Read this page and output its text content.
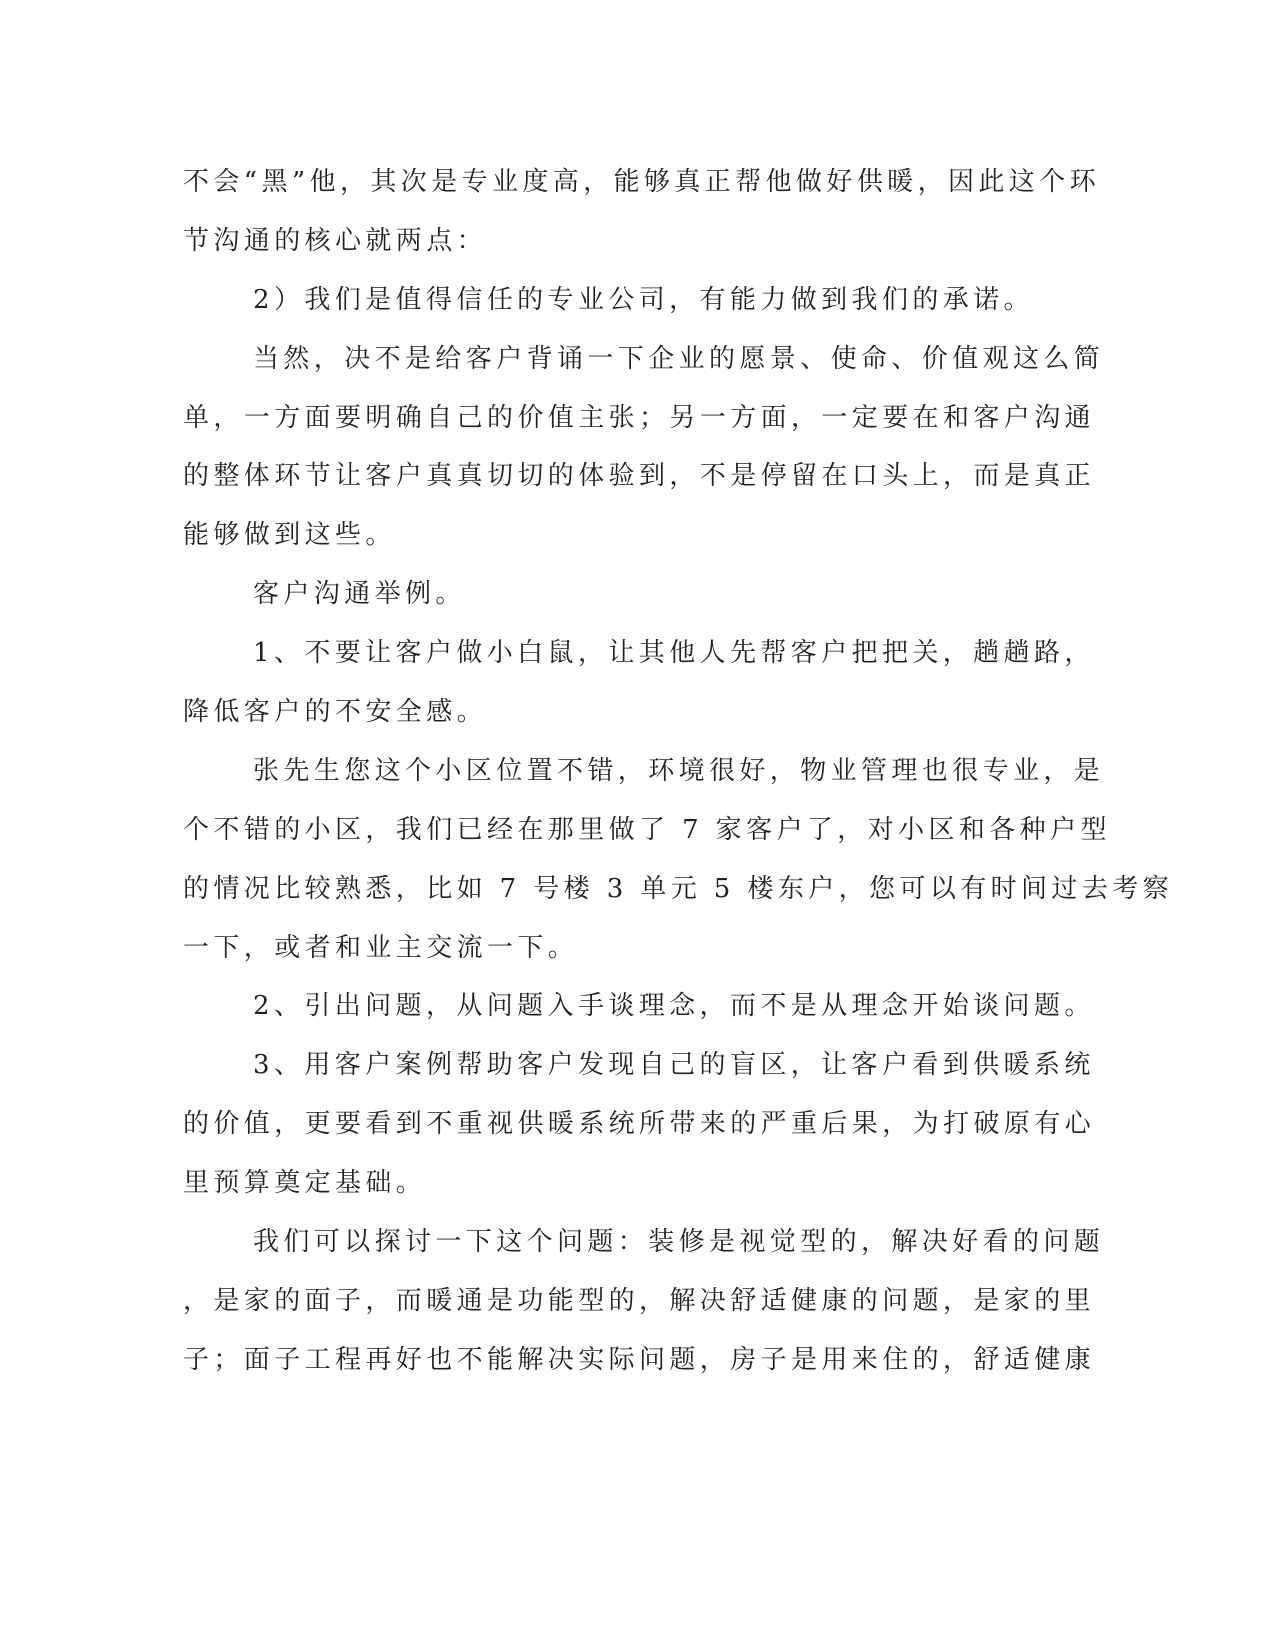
不会“黑”他，其次是专业度高，能够真正帮他做好供暖，因此这个环
节沟通的核心就两点：
2）我们是值得信任的专业公司，有能力做到我们的承诺。
当然，决不是给客户背诵一下企业的愿景、使命、价值观这么简
单，一方面要明确自己的价值主张；另一方面，一定要在和客户沟通
的整体环节让客户真真切切的体验到，不是停留在口头上，而是真正
能够做到这些。
客户沟通举例。
1、不要让客户做小白鼠，让其他人先帮客户把把关，趟趟路，
降低客户的不安全感。
张先生您这个小区位置不错，环境很好，物业管理也很专业，是
个不错的小区，我们已经在那里做了 7 家客户了，对小区和各种户型
的情况比较熟悉，比如 7 号楼 3 单元 5 楼东户，您可以有时间过去考察
一下，或者和业主交流一下。
2、引出问题，从问题入手谈理念，而不是从理念开始谈问题。
3、用客户案例帮助客户发现自己的盲区，让客户看到供暖系统
的价值，更要看到不重视供暖系统所带来的严重后果，为打破原有心
里预算奠定基础。
我们可以探讨一下这个问题：装修是视觉型的，解决好看的问题
，是家的面子，而暖通是功能型的，解决舒适健康的问题，是家的里
子；面子工程再好也不能解决实际问题，房子是用来住的，舒适健康
